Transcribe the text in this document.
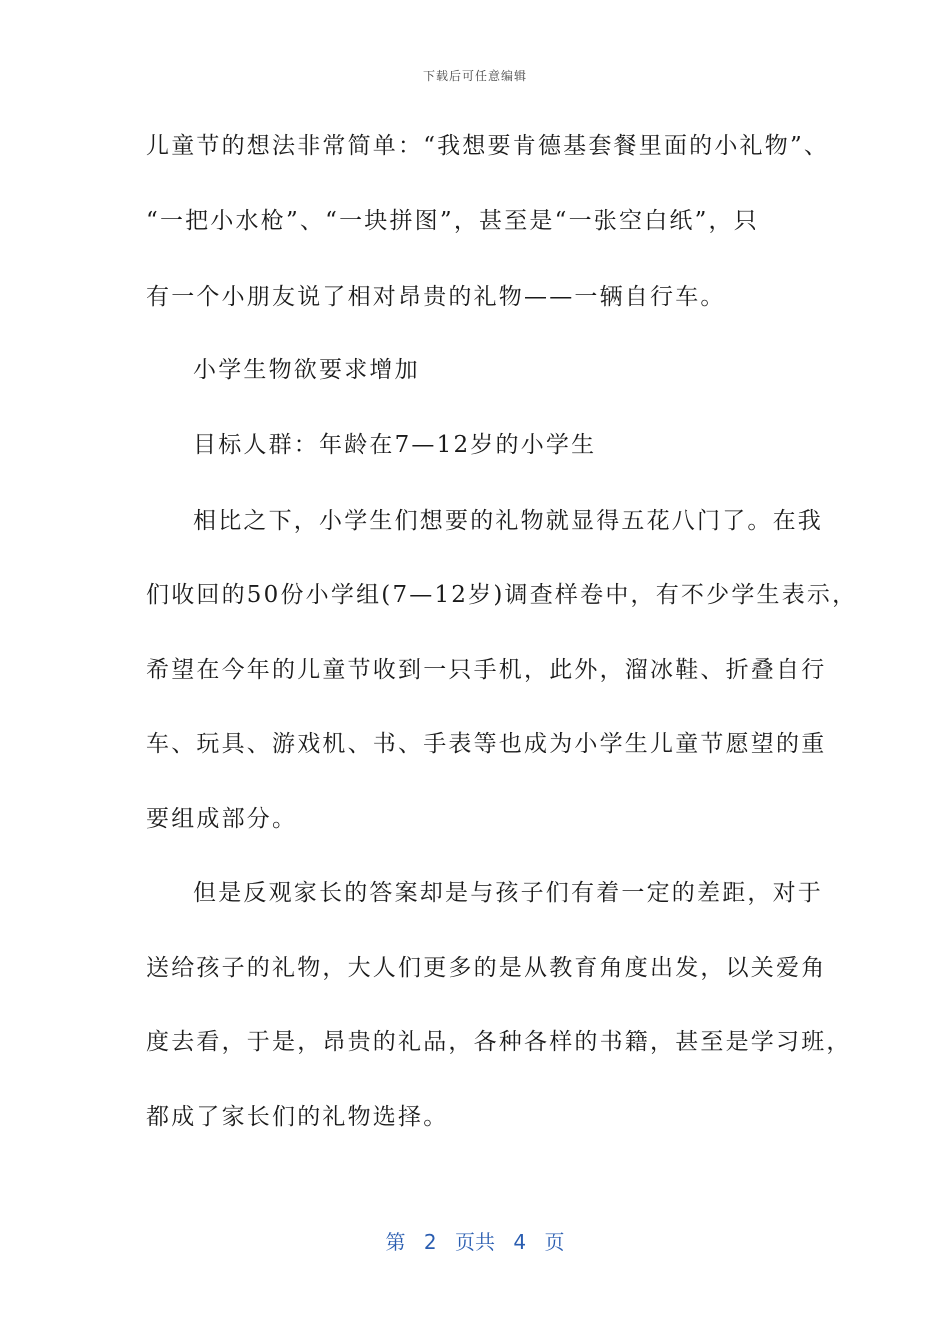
下载后可任意编辑
儿童节的想法非常简单：“我想要肯德基套餐里面的小礼物”、
“一把小水枪”、“一块拼图”，甚至是“一张空白纸”，只
有一个小朋友说了相对昂贵的礼物——一辆自行车。
小学生物欲要求增加
目标人群：年龄在7—12岁的小学生
相比之下，小学生们想要的礼物就显得五花八门了。在我
们收回的50份小学组(7—12岁)调查样卷中，有不少学生表示，
希望在今年的儿童节收到一只手机，此外，溜冰鞋、折叠自行
车、玩具、游戏机、书、手表等也成为小学生儿童节愿望的重
要组成部分。
但是反观家长的答案却是与孩子们有着一定的差距，对于
送给孩子的礼物，大人们更多的是从教育角度出发，以关爱角
度去看，于是，昂贵的礼品，各种各样的书籍，甚至是学习班，
都成了家长们的礼物选择。
第 2 页共 4 页
